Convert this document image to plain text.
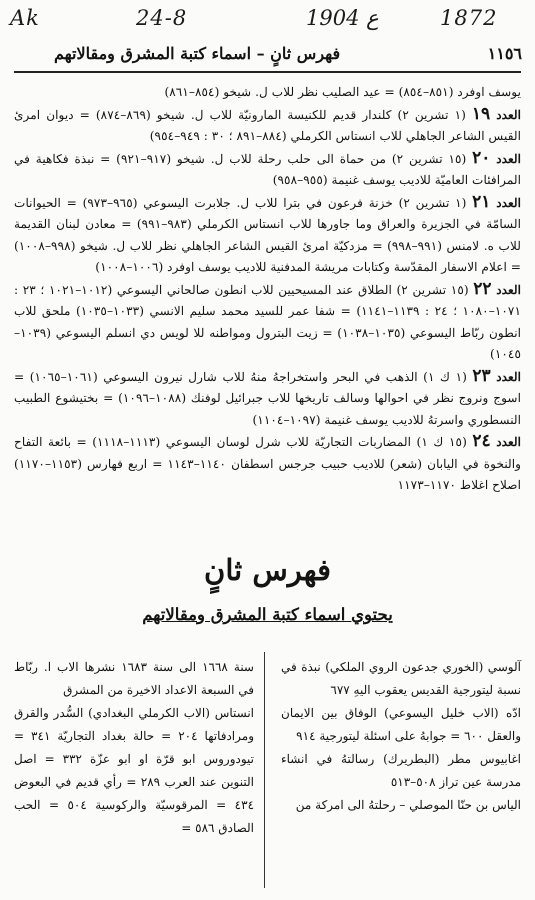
Ak	24-8	ع 1904	1872
١١٥٦
فهرس ثانٍ – اسماء كتبة المشرق ومقالاتهم

يوسف اوفرد (٨٥١–٨٥٤) = عيد الصليب نظر للاب ل. شيخو (٨٥٤–٨٦١)

العدد ١٩ (١ تشرين ٢) كلندار قديم للكنيسة المارونيّة للاب ل. شيخو (٨٦٩–٨٧٤) = ديوان امرئ القيس الشاعر الجاهلي للاب انستاس الكرملي (٨٨٤–٨٩١ ؛ ٣٠ : ٩٤٩–٩٥٤)

العدد ٢٠ (١٥ تشرين ٢) من حماة الى حلب رحلة للاب ل. شيخو (٩١٧–٩٢١) = نبذة فكاهية في المرافئات العاميّة للاديب يوسف غنيمة (٩٥٥–٩٥٨)

العدد ٢١ (١ تشرين ٢) خزنة فرعون في بترا للاب ل. جلابرت اليسوعي (٩٦٥–٩٧٣) = الحيوانات السامّة في الجزيرة والعراق وما جاورها للاب انستاس الكرملي (٩٨٣–٩٩١) = معادن لبنان القديمة للاب ه. لامنس (٩٩١–٩٩٨) = مزدكيّة امرئ القيس الشاعر الجاهلي نظر للاب ل. شيخو (٩٩٨–١٠٠٨) = اعلام الاسفار المقدّسة وكتابات مريشة المدفنية للاديب يوسف اوفرد (١٠٠٦–١٠٠٨)

العدد ٢٢ (١٥ تشرين ٢) الطلاق عند المسيحيين للاب انطون صالحاني اليسوعي (١٠١٢–١٠٢١ ؛ ٢٣ : ١٠٧١–١٠٨٠ ؛ ٢٤ : ١١٣٩–١١٤١) = شفا عمر للسيد محمد سليم الانسي (١٠٣٣–١٠٣٥) ملحق للاب انطون ربّاط اليسوعي (١٠٣٥–١٠٣٨) = زيت البترول ومواطنه للا لويس دي انسلم اليسوعي (١٠٣٩–١٠٤٥)

العدد ٢٣ (١ ك ١) الذهب في البحر واستخراجهُ منهُ للاب شارل نيرون اليسوعي (١٠٦١–١٠٦٥) = اسوج ونروج نظر في احوالها وسالف تاريخها للاب جبرائيل لوفنك (١٠٨٨–١٠٩٦) = بختيشوع الطبيب النسطوري واسرتهُ للاديب يوسف غنيمة (١٠٩٧–١١٠٤)

العدد ٢٤ (١٥ ك ١) المضاربات التجاريّة للاب شرل لوسان اليسوعي (١١١٣–١١١٨) = بائعة التفاح والنخوة في اليابان (شعر) للاديب حبيب جرجس اسطفان ١١٤٠–١١٤٣ = اربع فهارس (١١٥٣–١١٧٠) اصلاح اغلاط ١١٧٠–١١٧٣

فهرس ثانٍ
يحتوي اسماء كتبة المشرق ومقالاتهم

آلوسي (الخوري جدعون الروي الملكي) نبذة في نسبة ليتورجية القديس يعقوب اليهِ ٦٧٧

ادّه (الاب خليل اليسوعي) الوفاق بين الايمان والعقل ٦٠٠ = جوابهُ على اسئلة ليتورجية ٩١٤

اغابيوس مطر (البطريرك) رسالتهُ في انشاء مدرسة عين تراز ٥٠٨–٥١٣

الياس بن حنّا الموصلي – رحلتهُ الى امركة من

سنة ١٦٦٨ الى سنة ١٦٨٣ نشرها الاب ا. ربّاط في السبعة الاعداد الاخيرة من المشرق

انستاس (الاب الكرملي البغدادي) السُّدر والقرق ومرادفاتها ٢٠٤ = حالة بغداد التجاريّة ٣٤١ = تيودوروس ابو قرّة او ابو عزّة ٣٣٢ = اصل التنوين عند العرب ٢٨٩ = رأي قديم في البعوض ٤٣٤ = المرقوسيّة والركوسية ٥٠٤ = الحب الصادق ٥٨٦ =
